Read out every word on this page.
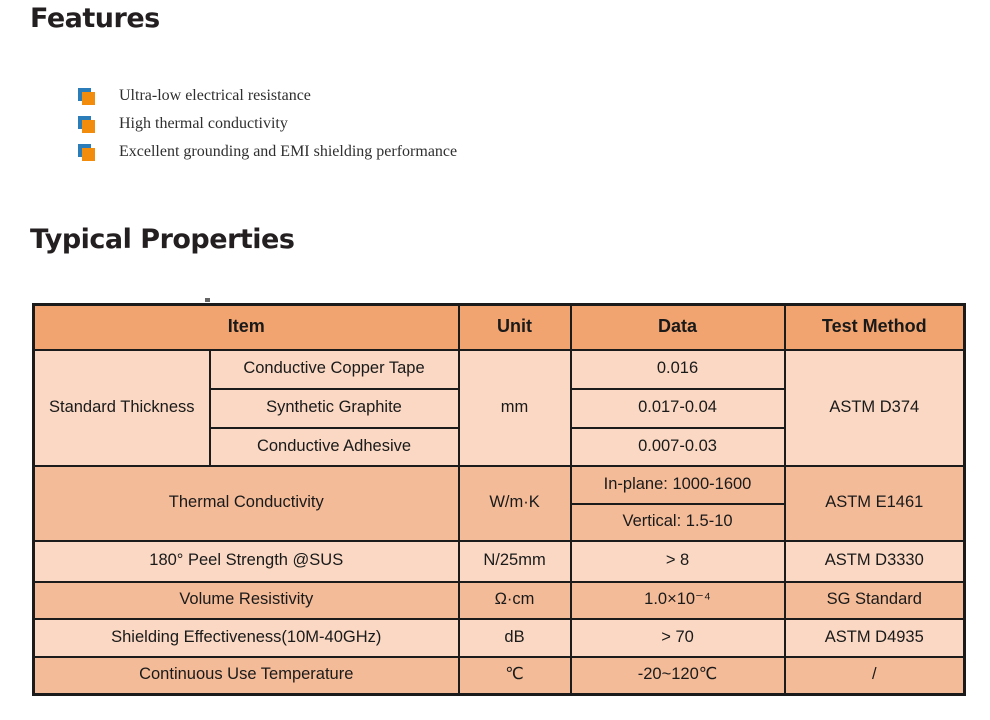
Features
Ultra-low electrical resistance
High thermal conductivity
Excellent grounding and EMI shielding performance
Typical Properties
Item		Unit	Data	Test Method
Standard Thickness	Conductive Copper Tape	mm	0.016	ASTM D374
	Synthetic Graphite		0.017-0.04	
	Conductive Adhesive		0.007-0.03	
Thermal Conductivity		W/m·K	In-plane: 1000-1600	ASTM E1461
			Vertical: 1.5-10	
180° Peel Strength @SUS		N/25mm	> 8	ASTM D3330
Volume Resistivity		Ω·cm	1.0×10⁻⁴	SG Standard
Shielding Effectiveness(10M-40GHz)		dB	> 70	ASTM D4935
Continuous Use Temperature		℃	-20~120℃	/
